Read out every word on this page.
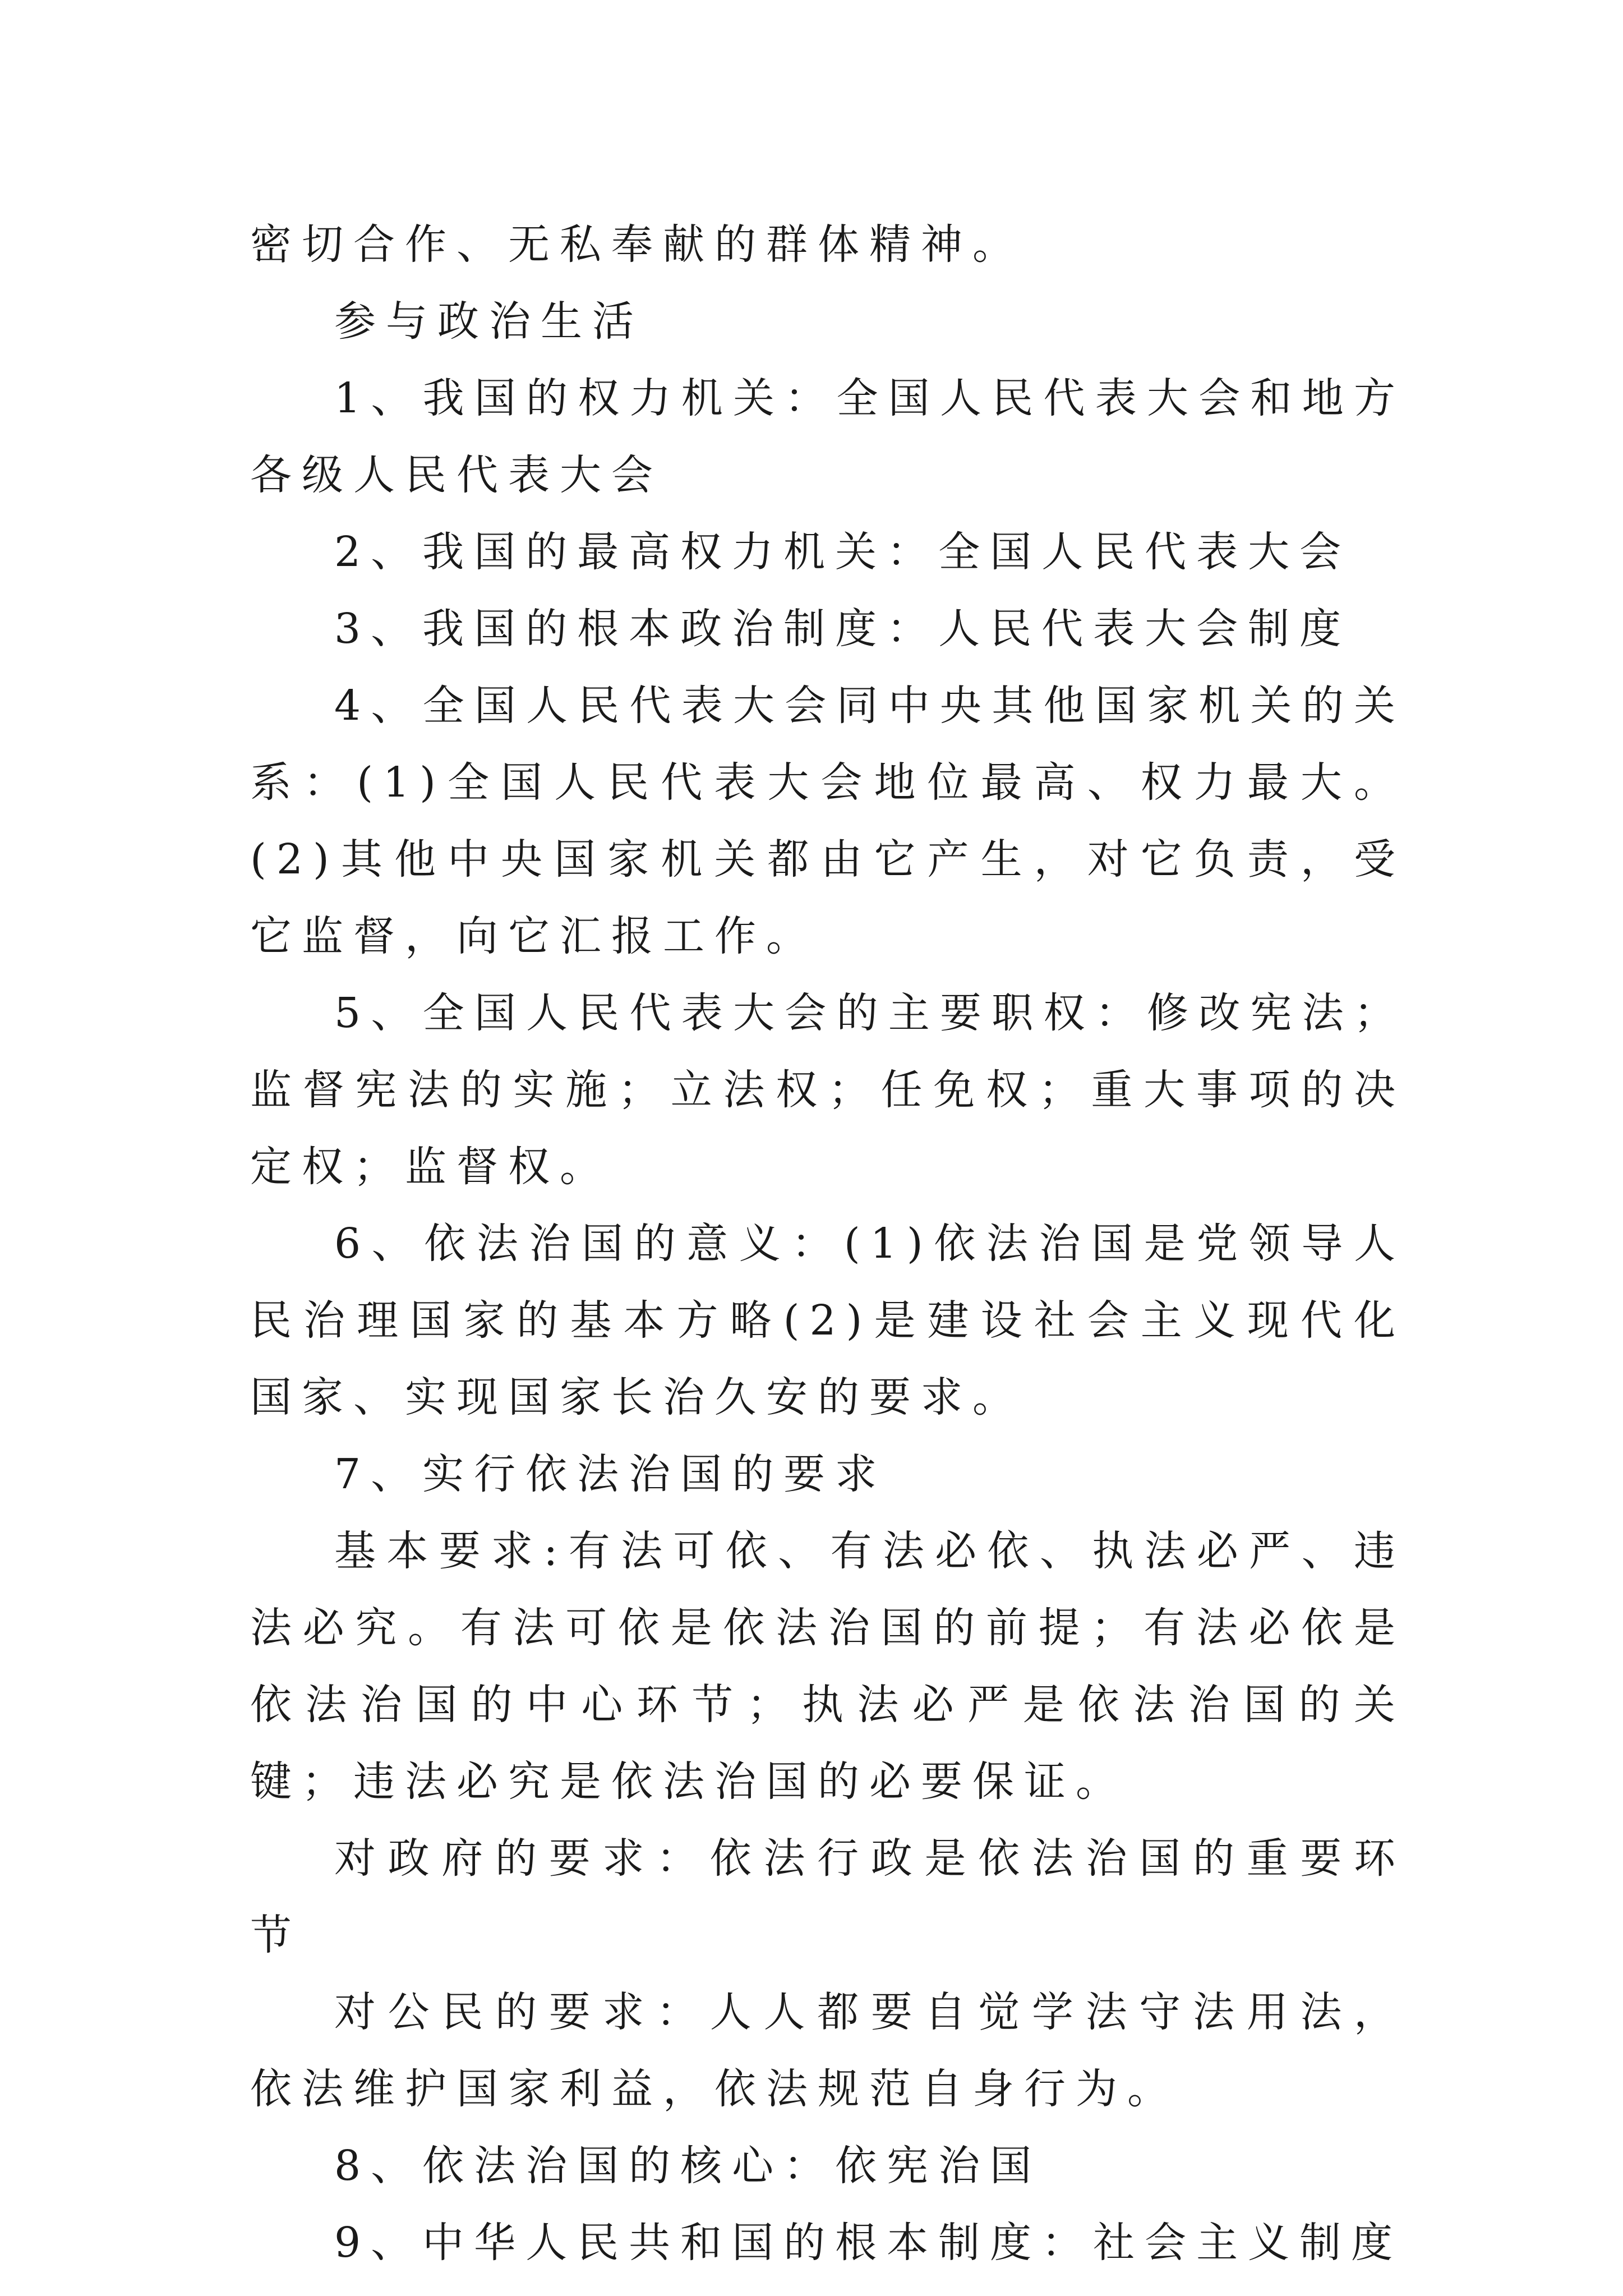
密切合作、无私奉献的群体精神。

参与政治生活

1、我国的权力机关：全国人民代表大会和地方各级人民代表大会

2、我国的最高权力机关：全国人民代表大会

3、我国的根本政治制度：人民代表大会制度

4、全国人民代表大会同中央其他国家机关的关系：(1)全国人民代表大会地位最高、权力最大。(2)其他中央国家机关都由它产生，对它负责，受它监督，向它汇报工作。

5、全国人民代表大会的主要职权：修改宪法；监督宪法的实施；立法权；任免权；重大事项的决定权；监督权。

6、依法治国的意义：(1)依法治国是党领导人民治理国家的基本方略(2)是建设社会主义现代化国家、实现国家长治久安的要求。

7、实行依法治国的要求

基本要求:有法可依、有法必依、执法必严、违法必究。有法可依是依法治国的前提；有法必依是依法治国的中心环节；执法必严是依法治国的关键；违法必究是依法治国的必要保证。

对政府的要求：依法行政是依法治国的重要环节

对公民的要求：人人都要自觉学法守法用法，依法维护国家利益，依法规范自身行为。

8、依法治国的核心：依宪治国

9、中华人民共和国的根本制度：社会主义制度
